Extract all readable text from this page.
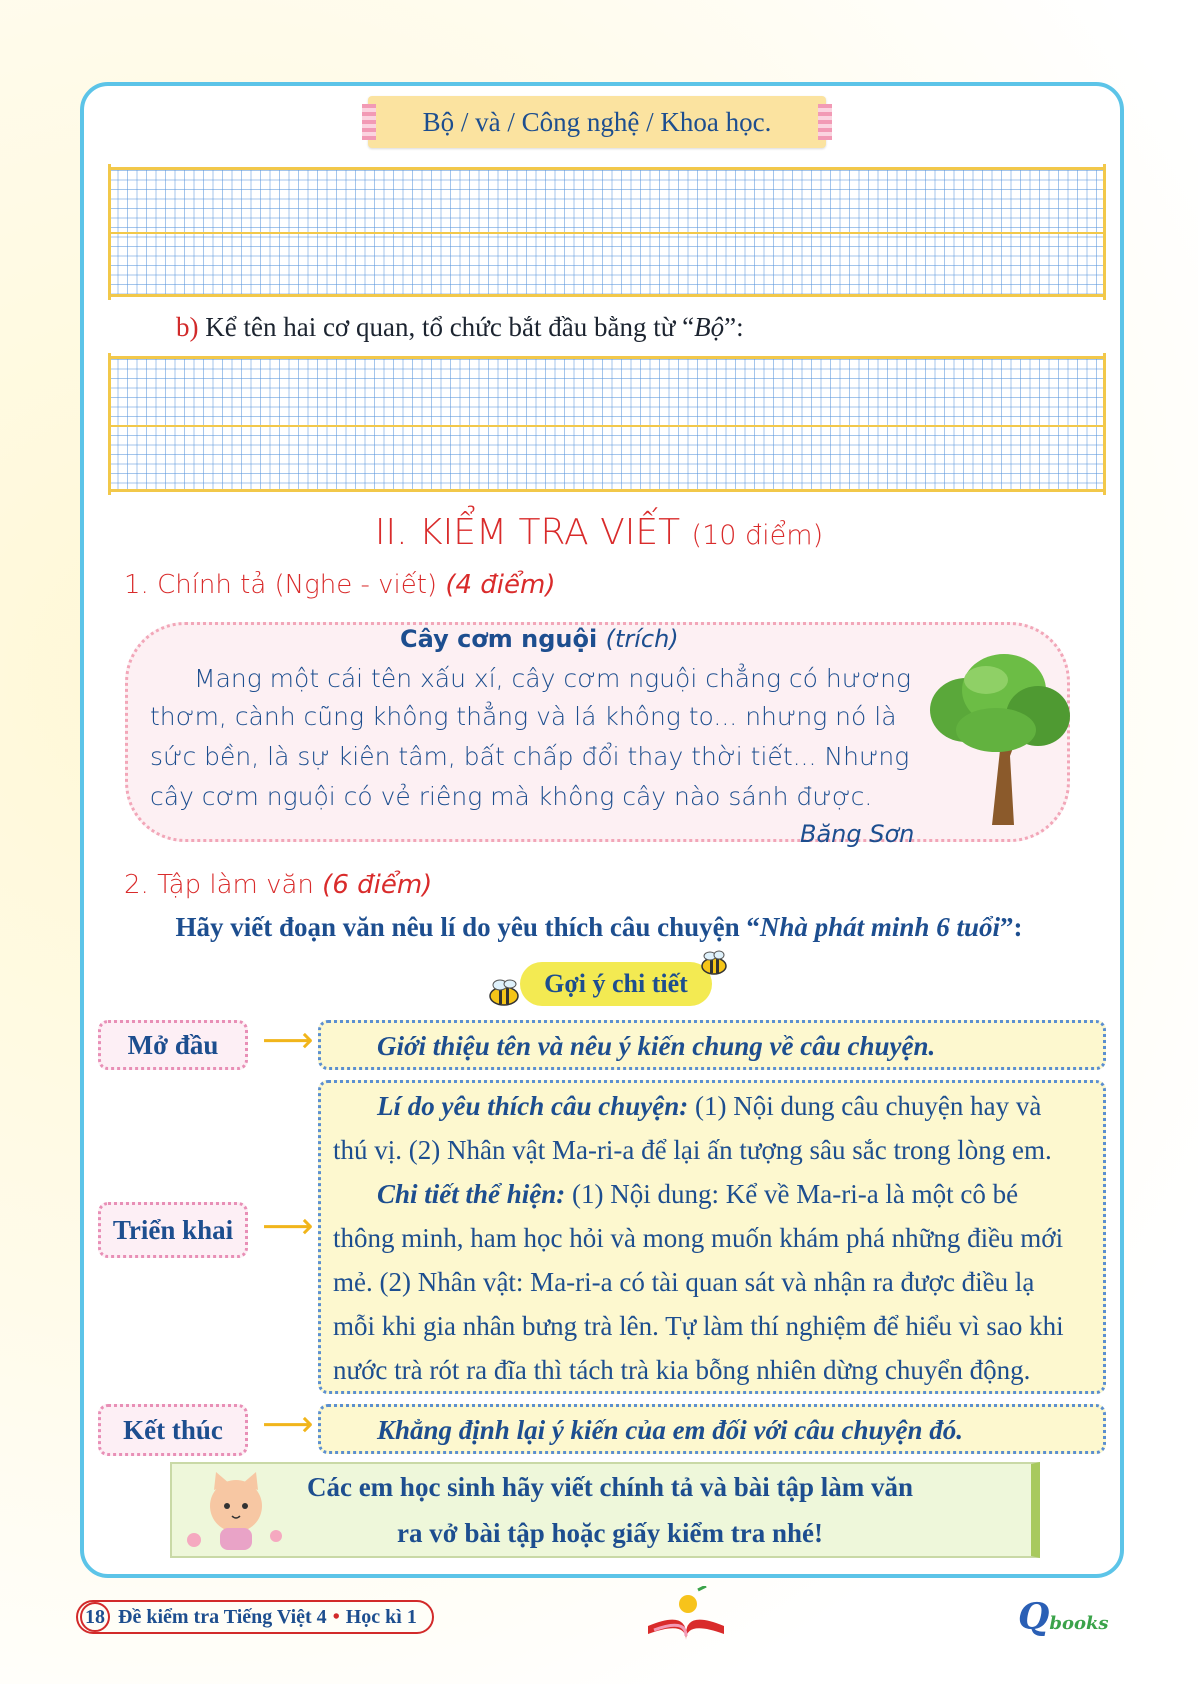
Bộ / và / Công nghệ / Khoa học.
b) Kể tên hai cơ quan, tổ chức bắt đầu bằng từ “Bộ”:
II. KIỂM TRA VIẾT (10 điểm)
1. Chính tả (Nghe - viết) (4 điểm)
Cây cơm nguội (trích)
Mang một cái tên xấu xí, cây cơm nguội chẳng có hương
thơm, cành cũng không thẳng và lá không to... nhưng nó là
sức bền, là sự kiên tâm, bất chấp đổi thay thời tiết... Nhưng
cây cơm nguội có vẻ riêng mà không cây nào sánh được.
Băng Sơn
2. Tập làm văn (6 điểm)
Hãy viết đoạn văn nêu lí do yêu thích câu chuyện “Nhà phát minh 6 tuổi”:
Gợi ý chi tiết
Mở đầu	⟶ Giới thiệu tên và nêu ý kiến chung về câu chuyện.
Triển khai ⟶
Lí do yêu thích câu chuyện: (1) Nội dung câu chuyện hay và
thú vị. (2) Nhân vật Ma-ri-a để lại ấn tượng sâu sắc trong lòng em.
Chi tiết thể hiện: (1) Nội dung: Kể về Ma-ri-a là một cô bé
thông minh, ham học hỏi và mong muốn khám phá những điều mới
mẻ. (2) Nhân vật: Ma-ri-a có tài quan sát và nhận ra được điều lạ
mỗi khi gia nhân bưng trà lên. Tự làm thí nghiệm để hiểu vì sao khi
nước trà rót ra đĩa thì tách trà kia bỗng nhiên dừng chuyển động.
Kết thúc	⟶ Khẳng định lại ý kiến của em đối với câu chuyện đó.
Các em học sinh hãy viết chính tả và bài tập làm văn
ra vở bài tập hoặc giấy kiểm tra nhé!
18 Đề kiểm tra Tiếng Việt 4 • Học kì 1	Qbooks
